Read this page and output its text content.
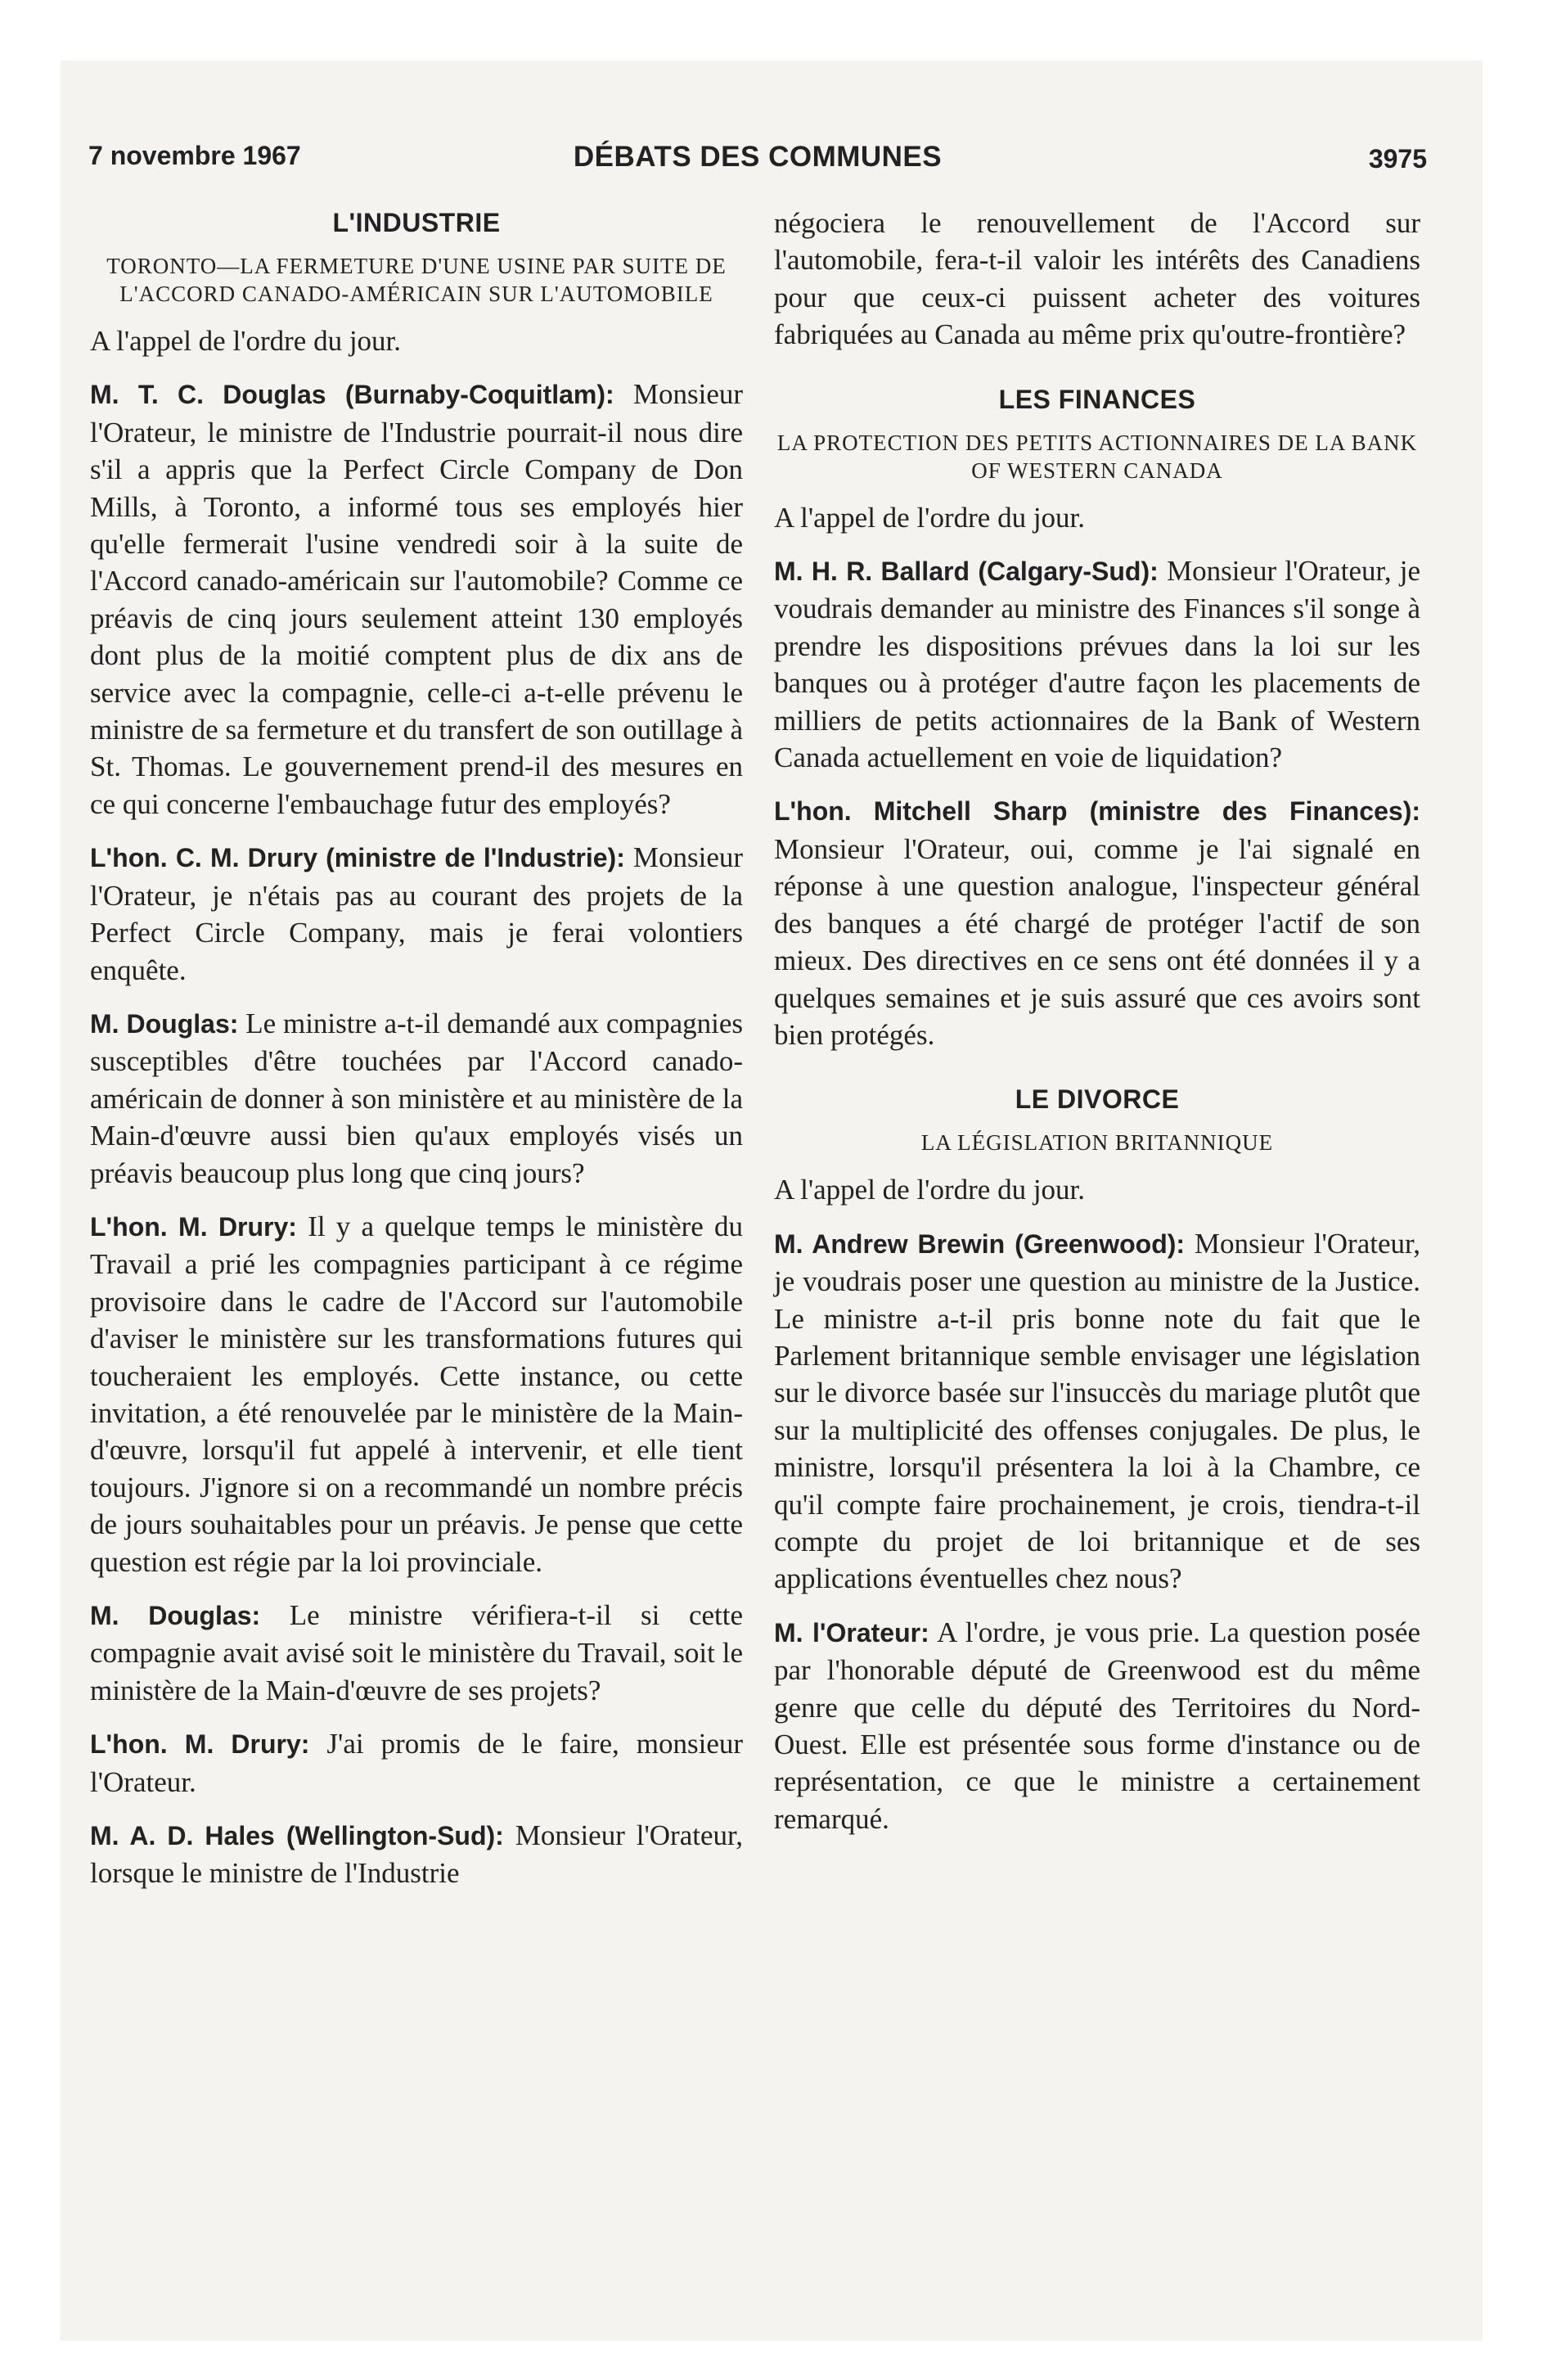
7 novembre 1967	DÉBATS DES COMMUNES	3975
L'INDUSTRIE
TORONTO—LA FERMETURE D'UNE USINE PAR SUITE DE L'ACCORD CANADO-AMÉRICAIN SUR L'AUTOMOBILE

A l'appel de l'ordre du jour.

M. T. C. Douglas (Burnaby-Coquitlam): Monsieur l'Orateur, le ministre de l'Industrie pourrait-il nous dire s'il a appris que la Perfect Circle Company de Don Mills, à Toronto, a informé tous ses employés hier qu'elle fermerait l'usine vendredi soir à la suite de l'Accord canado-américain sur l'automobile? Comme ce préavis de cinq jours seulement atteint 130 employés dont plus de la moitié comptent plus de dix ans de service avec la compagnie, celle-ci a-t-elle prévenu le ministre de sa fermeture et du transfert de son outillage à St. Thomas. Le gouvernement prend-il des mesures en ce qui concerne l'embauchage futur des employés?

L'hon. C. M. Drury (ministre de l'Industrie): Monsieur l'Orateur, je n'étais pas au courant des projets de la Perfect Circle Company, mais je ferai volontiers enquête.

M. Douglas: Le ministre a-t-il demandé aux compagnies susceptibles d'être touchées par l'Accord canado-américain de donner à son ministère et au ministère de la Main-d'œuvre aussi bien qu'aux employés visés un préavis beaucoup plus long que cinq jours?

L'hon. M. Drury: Il y a quelque temps le ministère du Travail a prié les compagnies participant à ce régime provisoire dans le cadre de l'Accord sur l'automobile d'aviser le ministère sur les transformations futures qui toucheraient les employés. Cette instance, ou cette invitation, a été renouvelée par le ministère de la Main-d'œuvre, lorsqu'il fut appelé à intervenir, et elle tient toujours. J'ignore si on a recommandé un nombre précis de jours souhaitables pour un préavis. Je pense que cette question est régie par la loi provinciale.

M. Douglas: Le ministre vérifiera-t-il si cette compagnie avait avisé soit le ministère du Travail, soit le ministère de la Main-d'œuvre de ses projets?

L'hon. M. Drury: J'ai promis de le faire, monsieur l'Orateur.

M. A. D. Hales (Wellington-Sud): Monsieur l'Orateur, lorsque le ministre de l'Industrie

négociera le renouvellement de l'Accord sur l'automobile, fera-t-il valoir les intérêts des Canadiens pour que ceux-ci puissent acheter des voitures fabriquées au Canada au même prix qu'outre-frontière?

LES FINANCES
LA PROTECTION DES PETITS ACTIONNAIRES DE LA BANK OF WESTERN CANADA

A l'appel de l'ordre du jour.

M. H. R. Ballard (Calgary-Sud): Monsieur l'Orateur, je voudrais demander au ministre des Finances s'il songe à prendre les dispositions prévues dans la loi sur les banques ou à protéger d'autre façon les placements de milliers de petits actionnaires de la Bank of Western Canada actuellement en voie de liquidation?

L'hon. Mitchell Sharp (ministre des Finances): Monsieur l'Orateur, oui, comme je l'ai signalé en réponse à une question analogue, l'inspecteur général des banques a été chargé de protéger l'actif de son mieux. Des directives en ce sens ont été données il y a quelques semaines et je suis assuré que ces avoirs sont bien protégés.

LE DIVORCE
LA LÉGISLATION BRITANNIQUE

A l'appel de l'ordre du jour.

M. Andrew Brewin (Greenwood): Monsieur l'Orateur, je voudrais poser une question au ministre de la Justice. Le ministre a-t-il pris bonne note du fait que le Parlement britannique semble envisager une législation sur le divorce basée sur l'insuccès du mariage plutôt que sur la multiplicité des offenses conjugales. De plus, le ministre, lorsqu'il présentera la loi à la Chambre, ce qu'il compte faire prochainement, je crois, tiendra-t-il compte du projet de loi britannique et de ses applications éventuelles chez nous?

M. l'Orateur: A l'ordre, je vous prie. La question posée par l'honorable député de Greenwood est du même genre que celle du député des Territoires du Nord-Ouest. Elle est présentée sous forme d'instance ou de représentation, ce que le ministre a certainement remarqué.
